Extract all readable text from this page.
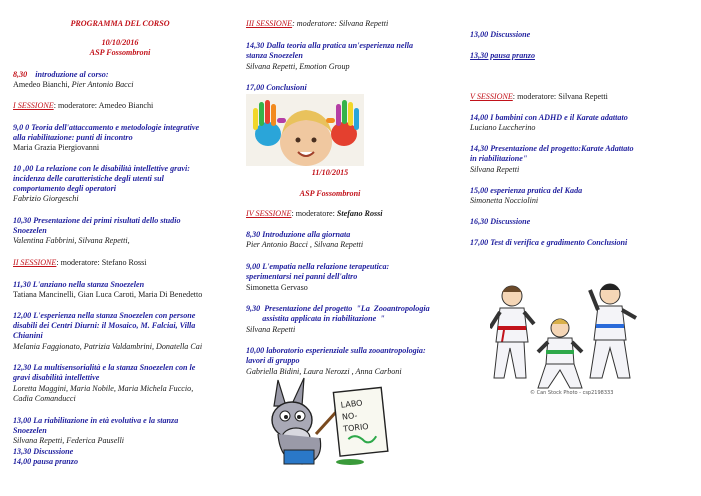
PROGRAMMA DEL CORSO
10/10/2016
ASP Fossombroni
8,30 introduzione al corso:
Amedeo Bianchi, Pier Antonio Bacci
I SESSIONE: moderatore: Amedeo Bianchi
9,0 0 Teoria dell'attaccamento e metodologie integrative
alla riabilitazione: punti di incontro
Maria Grazia Piergiovanni
10 ,00 La relazione con le disabilità intellettive gravi:
incidenza delle caratteristiche degli utenti sul
comportamento degli operatori
Fabrizio Giorgeschi
10,30 Presentazione dei primi risultati dello studio
Snoezelen
Valentina Fabbrini, Silvana Repetti,
II SESSIONE: moderatore: Stefano Rossi
11,30 L'anziano nella stanza Snoezelen
Tatiana Mancinelli, Gian Luca Caroti, Maria Di Benedetto
12,00 L'esperienza nella stanza Snoezelen con persone
disabili dei Centri Diurni: il Mosaico, M. Falciai, Villa
Chianini
Melania Faggionato, Patrizia Valdambrini, Donatella Cai
12,30 La multisensorialità e la stanza Snoezelen con le
gravi disabilità intellettive
Loretta Maggini, Maria Nobile, Maria Michela Fuccio,
Cadia Comanducci
13,00 La riabilitazione in età evolutiva e la stanza
Snoezelen
Silvana Repetti, Federica Pauselli
13,30 Discussione
14,00 pausa pranzo
III SESSIONE: moderatore: Silvana Repetti
14,30 Dalla teoria alla pratica un'esperienza nella
stanza Snoezelen
Silvana Repetti, Emotion Group
17,00 Conclusioni
11/10/2015
ASP Fossombroni
IV SESSIONE: moderatore: Stefano Rossi
8,30 Introduzione alla giornata
Pier Antonio Bacci , Silvana Repetti
9,00 L'empatia nella relazione terapeutica:
sperimentarsi nei panni dell'altro
Simonetta Gervaso
9,30  Presentazione del progetto  "La  Zooantropologia
assistita applicata in riabilitazione  "
Silvana Repetti
10,00 laboratorio esperienziale sulla zooantropologia:
lavori di gruppo
Gabriella Bidini, Laura Nerozzi , Anna Carboni
LABO
NO-
TORIO
13,00 Discussione
13,30 pausa pranzo
V SESSIONE: moderatore: Silvana Repetti
14,00 I bambini con ADHD e il Karate adattato
Luciano Luccherino
14,30 Presentazione del progetto:Karate Adattato
in riabilitazione"
Silvana Repetti
15,00 esperienza pratica del Kada
Simonetta Nocciolini
16,30 Discussione
17,00 Test di verifica e gradimento Conclusioni
© Can Stock Photo - csp2198333
